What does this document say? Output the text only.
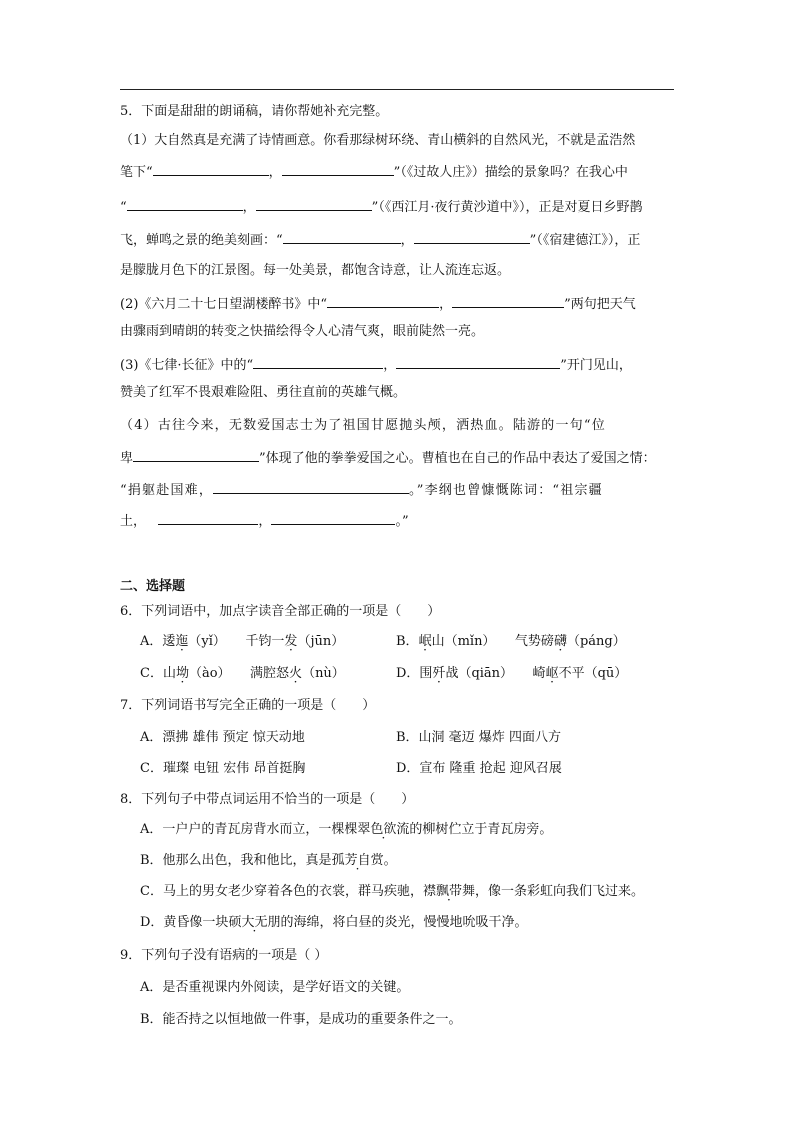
5．下面是甜甜的朗诵稿，请你帮她补充完整。
（1）大自然真是充满了诗情画意。你看那绿树环绕、青山横斜的自然风光，不就是孟浩然
笔下“	，	”（《过故人庄》）描绘的景象吗？在我心中
“	，	”（《西江月·夜行黄沙道中》），正是对夏日乡野鹊
飞，蝉鸣之景的绝美刻画：“	，	”（《宿建德江》），正
是朦胧月色下的江景图。每一处美景，都饱含诗意，让人流连忘返。
(2)《六月二十七日望湖楼醉书》中“	，	”两句把天气
由骤雨到晴朗的转变之快描绘得令人心清气爽，眼前陡然一亮。
(3)《七律·长征》中的“	，	”开门见山，
赞美了红军不畏艰难险阻、勇往直前的英雄气概。
（4）古往今来，无数爱国志士为了祖国甘愿抛头颅，洒热血。陆游的一句“位
卑	”体现了他的拳拳爱国之心。曹植也在自己的作品中表达了爱国之情：
“捐躯赴国难，	。”李纲也曾慷慨陈词：“祖宗疆
土，	，	。”
二、选择题
6．下列词语中，加点字读音全部正确的一项是（　　）
A．逶迤（yǐ）　　千钧一发（jūn）	B．岷山（mǐn）　　气势磅礴（páng）
C．山坳（ào）　　满腔怒火（nù）	D．围歼战（qiān）　　崎岖不平（qū）
7．下列词语书写完全正确的一项是（　　）
A．漂拂 雄伟 预定 惊天动地	B．山洞 毫迈 爆炸 四面八方
C．璀璨 电钮 宏伟 昂首挺胸	D．宣布 隆重 抢起 迎风召展
8．下列句子中带点词运用不恰当的一项是（　　）
A．一户户的青瓦房背水而立，一棵棵翠色欲流的柳树伫立于青瓦房旁。
B．他那么出色，我和他比，真是孤芳自赏。
C．马上的男女老少穿着各色的衣裳，群马疾驰，襟飘带舞，像一条彩虹向我们飞过来。
D．黄昏像一块硕大无朋的海绵，将白昼的炎光，慢慢地吮吸干净。
9．下列句子没有语病的一项是（ ）
A．是否重视课内外阅读，是学好语文的关键。
B．能否持之以恒地做一件事，是成功的重要条件之一。
